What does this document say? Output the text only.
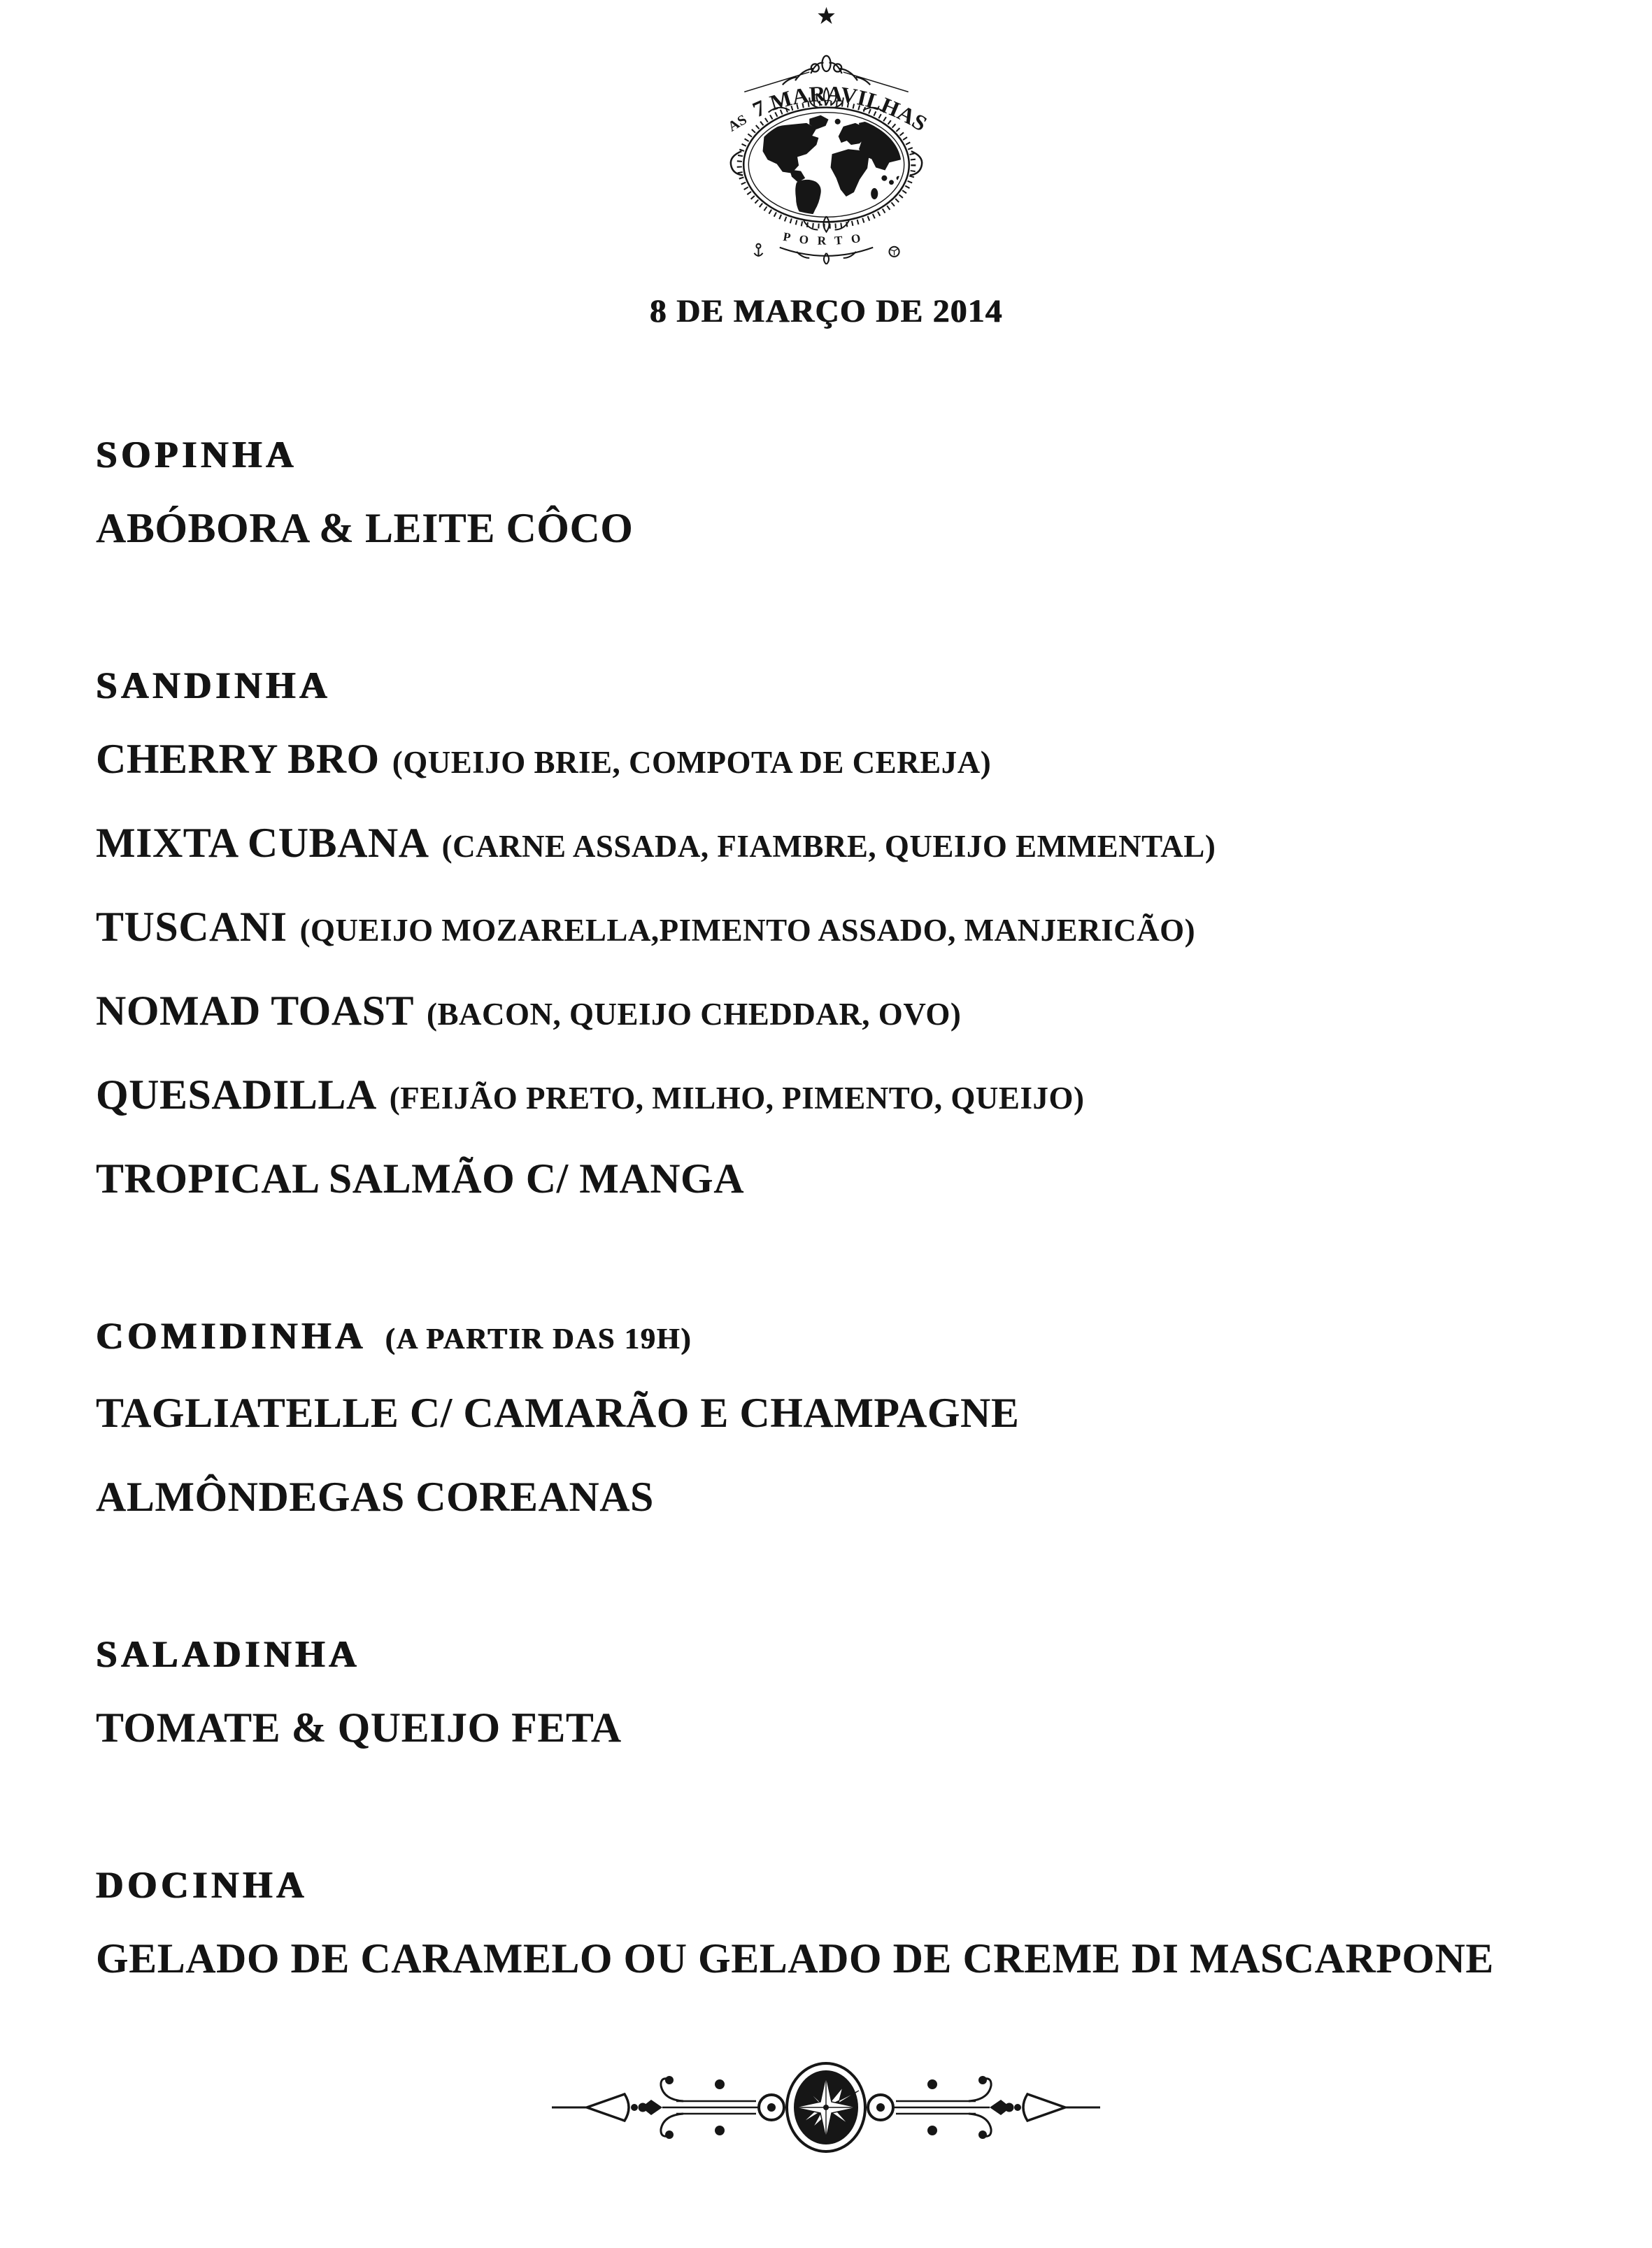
AS 7 MARAVILHAS
PORTO
8 DE MARÇO DE 2014
SOPINHA
ABÓBORA & LEITE CÔCO
SANDINHA
CHERRY BRO (QUEIJO BRIE, COMPOTA DE CEREJA)
MIXTA CUBANA (CARNE ASSADA, FIAMBRE, QUEIJO EMMENTAL)
TUSCANI (QUEIJO MOZARELLA,PIMENTO ASSADO, MANJERICÃO)
NOMAD TOAST (BACON, QUEIJO CHEDDAR, OVO)
QUESADILLA (FEIJÃO PRETO, MILHO, PIMENTO, QUEIJO)
TROPICAL SALMÃO C/ MANGA
COMIDINHA (A PARTIR DAS 19H)
TAGLIATELLE C/ CAMARÃO E CHAMPAGNE
ALMÔNDEGAS COREANAS
SALADINHA
TOMATE & QUEIJO FETA
DOCINHA
GELADO DE CARAMELO OU GELADO DE CREME DI MASCARPONE
